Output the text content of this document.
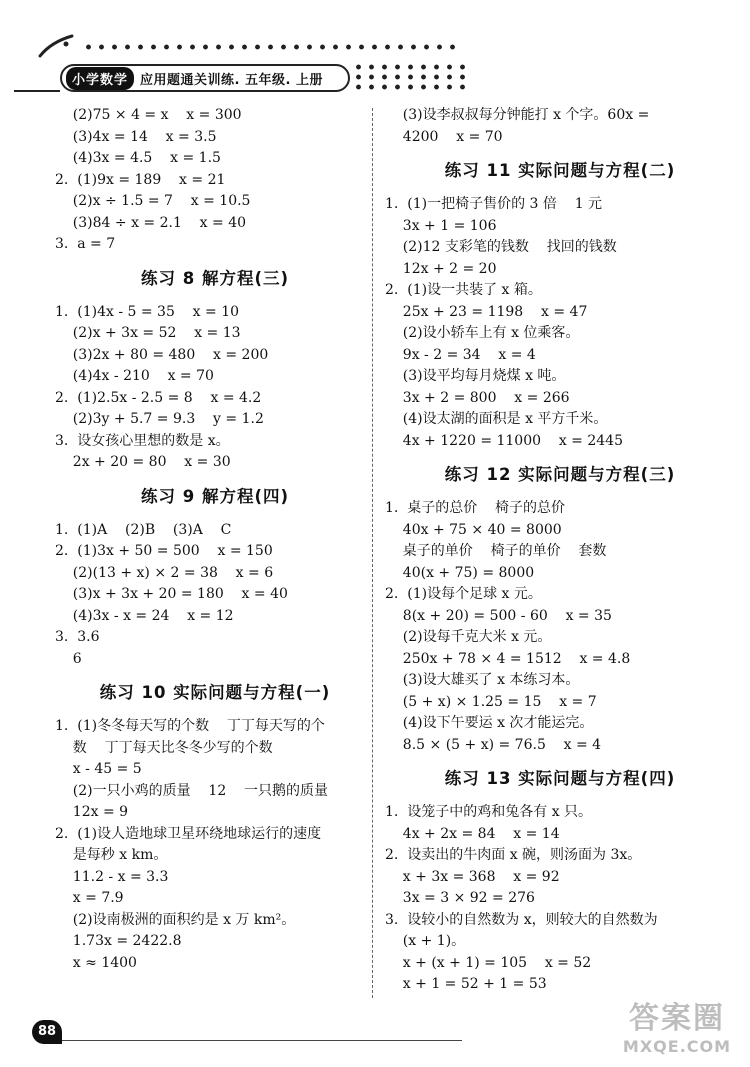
小学数学 应用题通关训练. 五年级. 上册
(2)75 × 4 = x    x = 300
(3)4x = 14    x = 3.5
(4)3x = 4.5    x = 1.5
2.  (1)9x = 189    x = 21
(2)x ÷ 1.5 = 7    x = 10.5
(3)84 ÷ x = 2.1    x = 40
3.  a = 7
练习 8 解方程(三)
1.  (1)4x - 5 = 35    x = 10
(2)x + 3x = 52    x = 13
(3)2x + 80 = 480    x = 200
(4)4x - 210    x = 70
2.  (1)2.5x - 2.5 = 8    x = 4.2
(2)3y + 5.7 = 9.3    y = 1.2
3.  设女孩心里想的数是 x。
2x + 20 = 80    x = 30
练习 9 解方程(四)
1.  (1)A    (2)B    (3)A    C
2.  (1)3x + 50 = 500    x = 150
(2)(13 + x) × 2 = 38    x = 6
(3)x + 3x + 20 = 180    x = 40
(4)3x - x = 24    x = 12
3.  3.6
6
练习 10 实际问题与方程(一)
1.  (1)冬冬每天写的个数    丁丁每天写的个
数    丁丁每天比冬冬少写的个数
x - 45 = 5
(2)一只小鸡的质量    12    一只鹅的质量
12x = 9
2.  (1)设人造地球卫星环绕地球运行的速度
是每秒 x km。
11.2 - x = 3.3
x = 7.9
(2)设南极洲的面积约是 x 万 km²。
1.73x = 2422.8
x ≈ 1400
(3)设李叔叔每分钟能打 x 个字。60x =
4200    x = 70
练习 11 实际问题与方程(二)
1.  (1)一把椅子售价的 3 倍    1 元
3x + 1 = 106
(2)12 支彩笔的钱数    找回的钱数
12x + 2 = 20
2.  (1)设一共装了 x 箱。
25x + 23 = 1198    x = 47
(2)设小轿车上有 x 位乘客。
9x - 2 = 34    x = 4
(3)设平均每月烧煤 x 吨。
3x + 2 = 800    x = 266
(4)设太湖的面积是 x 平方千米。
4x + 1220 = 11000    x = 2445
练习 12 实际问题与方程(三)
1.  桌子的总价    椅子的总价
40x + 75 × 40 = 8000
桌子的单价    椅子的单价    套数
40(x + 75) = 8000
2.  (1)设每个足球 x 元。
8(x + 20) = 500 - 60    x = 35
(2)设每千克大米 x 元。
250x + 78 × 4 = 1512    x = 4.8
(3)设大雄买了 x 本练习本。
(5 + x) × 1.25 = 15    x = 7
(4)设下午要运 x 次才能运完。
8.5 × (5 + x) = 76.5    x = 4
练习 13 实际问题与方程(四)
1.  设笼子中的鸡和兔各有 x 只。
4x + 2x = 84    x = 14
2.  设卖出的牛肉面 x 碗，则汤面为 3x。
x + 3x = 368    x = 92
3x = 3 × 92 = 276
3.  设较小的自然数为 x，则较大的自然数为
(x + 1)。
x + (x + 1) = 105    x = 52
x + 1 = 52 + 1 = 53
88	答案圈
MXQE.COM
